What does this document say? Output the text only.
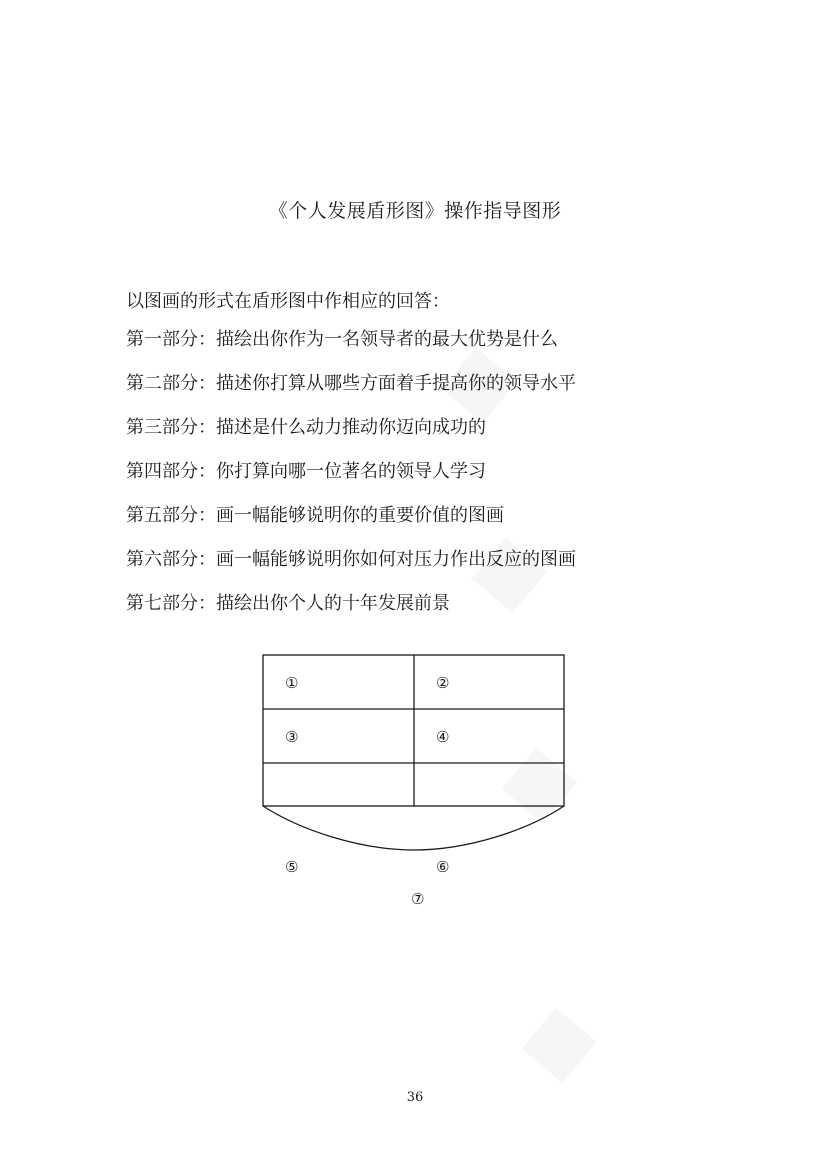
《个人发展盾形图》操作指导图形
以图画的形式在盾形图中作相应的回答：
第一部分：描绘出你作为一名领导者的最大优势是什么
第二部分：描述你打算从哪些方面着手提高你的领导水平
第三部分：描述是什么动力推动你迈向成功的
第四部分：你打算向哪一位著名的领导人学习
第五部分：画一幅能够说明你的重要价值的图画
第六部分：画一幅能够说明你如何对压力作出反应的图画
第七部分：描绘出你个人的十年发展前景
①	②
③	④
⑤	⑥
⑦
36
